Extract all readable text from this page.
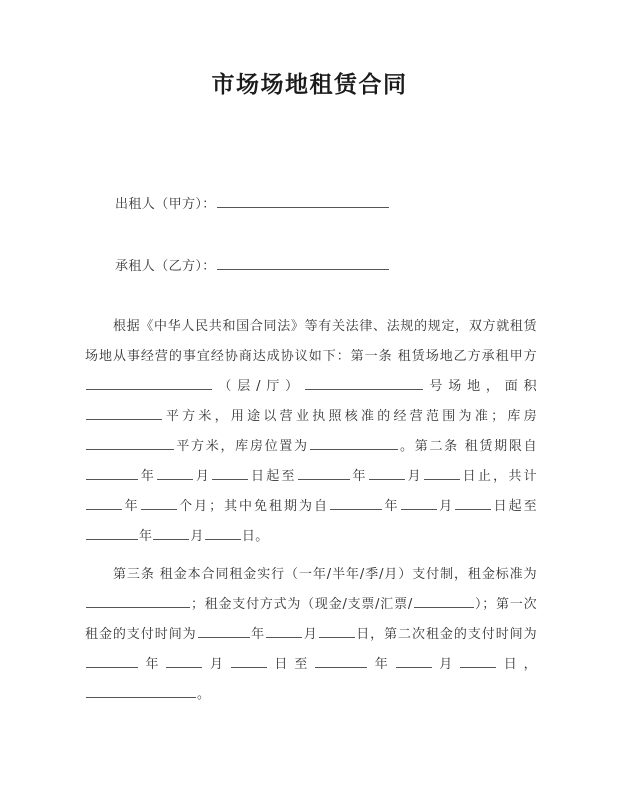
市场场地租赁合同
出租人（甲方）：
承租人（乙方）：
根据《中华人民共和国合同法》等有关法律、法规的规定，双方就租赁场地从事经营的事宜经协商达成协议如下：第一条 租赁场地乙方承租甲方（层/厅）	号场地，面积平方米，用途以营业执照核准的经营范围为准；库房平方米，库房位置为	。第二条 租赁期限自年	月	日起至	年	月	日止，共计年	个月；其中免租期为自	年	月	日起至年	月	日。
第三条 租金本合同租金实行（一年/半年/季/月）支付制，租金标准为；租金支付方式为（现金/支票/汇票/	）；第一次租金的支付时间为	年	月	日，第二次租金的支付时间为年	月	日至	年	月	日，。
